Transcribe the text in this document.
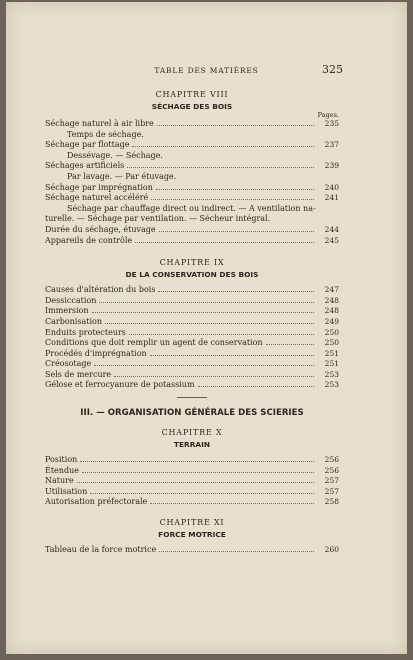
TABLE DES MATIÈRES	325
CHAPITRE VIII
SÉCHAGE DES BOIS
Pages.
Séchage naturel à air libre	235
Temps de séchage.
Séchage par flottage	237
Dessévage. — Séchage.
Séchages artificiels	239
Par lavage. — Par étuvage.
Séchage par imprégnation	240
Séchage naturel accéléré	241
Séchage par chauffage direct ou indirect. — A ventilation na-
turelle. — Séchage par ventilation. — Sécheur intégral.
Durée du séchage, étuvage	244
Appareils de contrôle	245
CHAPITRE IX
DE LA CONSERVATION DES BOIS
Causes d'altération du bois	247
Dessiccation	248
Immersion	248
Carbonisation	249
Enduits protecteurs	250
Conditions que doit remplir un agent de conservation	250
Procédés d'imprégnation	251
Créosotage	251
Sels de mercure	253
Gélose et ferrocyanure de potassium	253
III. — ORGANISATION GÉNÉRALE DES SCIERIES
CHAPITRE X
TERRAIN
Position	256
Étendue	256
Nature	257
Utilisation	257
Autorisation préfectorale	258
CHAPITRE XI
FORCE MOTRICE
Tableau de la force motrice	260
